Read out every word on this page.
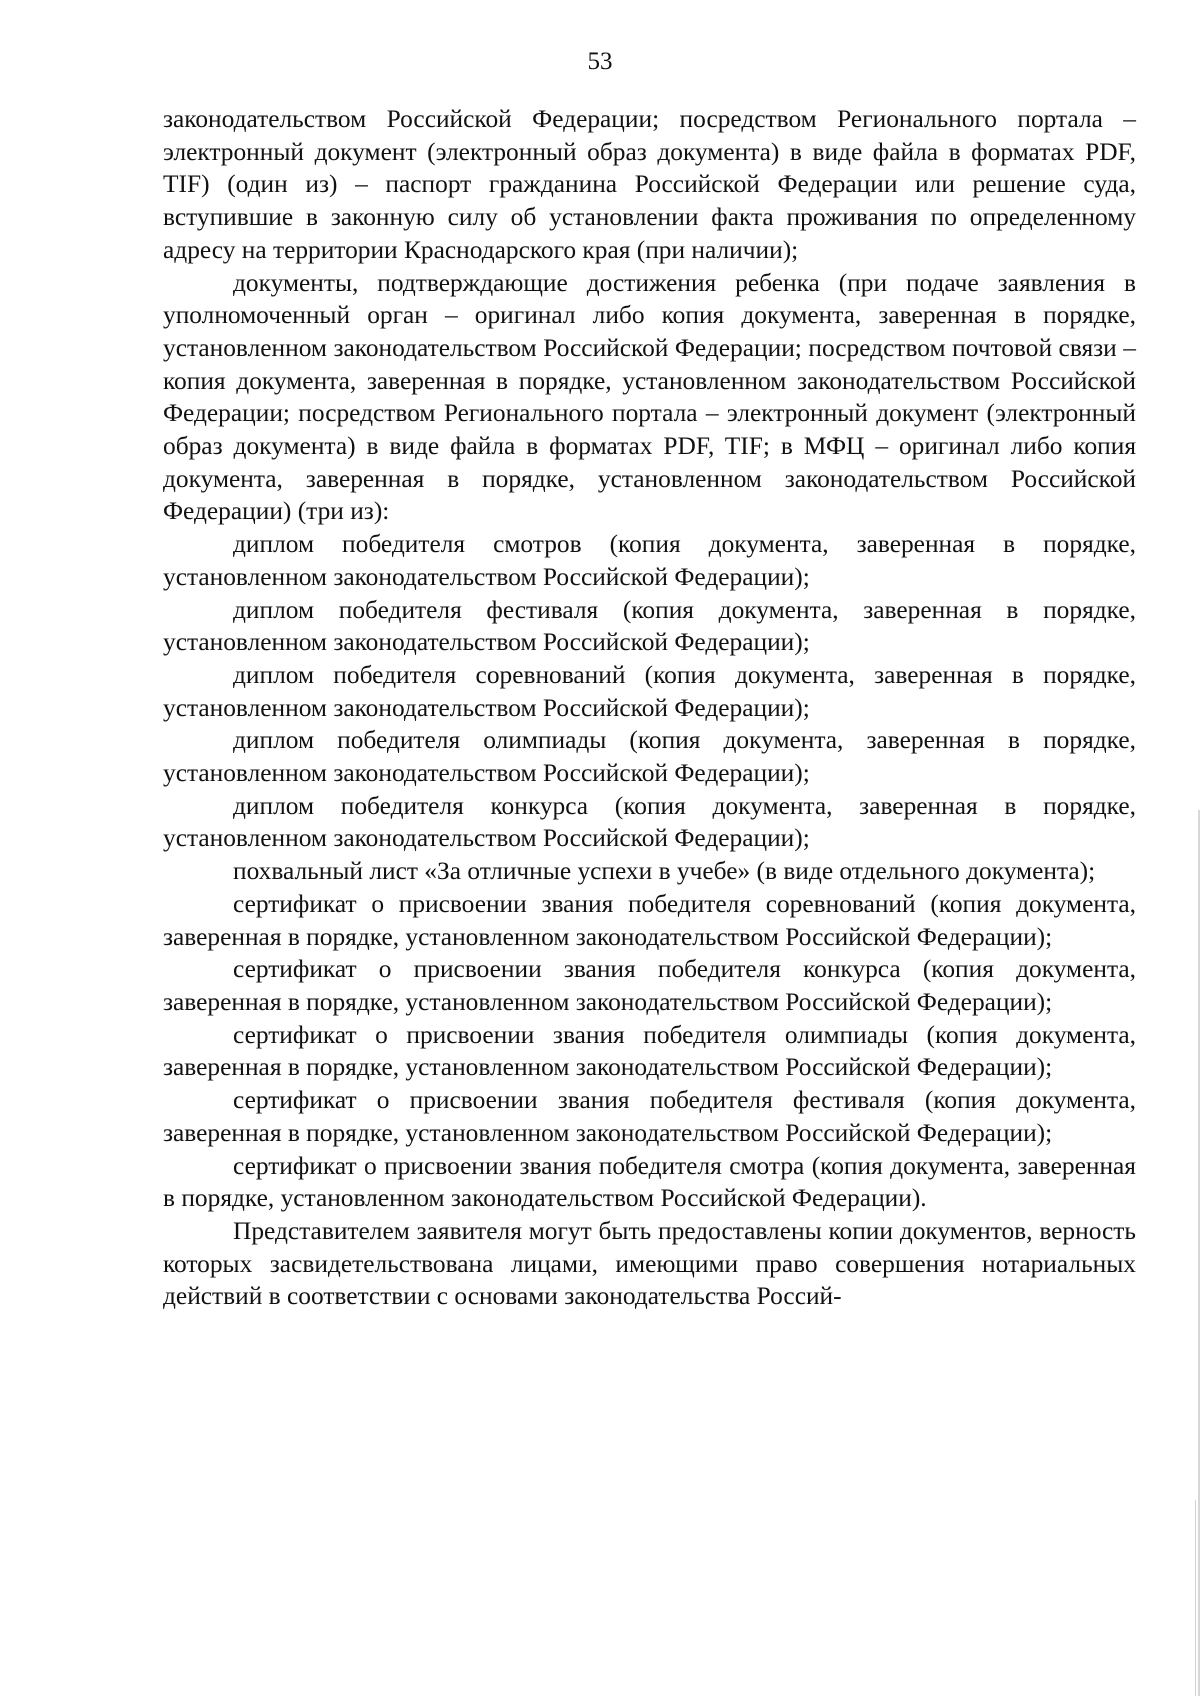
53

законодательством Российской Федерации; посредством Регионального портала – электронный документ (электронный образ документа) в виде файла в форматах PDF, TIF) (один из) – паспорт гражданина Российской Федерации или решение суда, вступившие в законную силу об установлении факта проживания по определенному адресу на территории Краснодарского края (при наличии);

документы, подтверждающие достижения ребенка (при подаче заявления в уполномоченный орган – оригинал либо копия документа, заверенная в порядке, установленном законодательством Российской Федерации; посредством почтовой связи – копия документа, заверенная в порядке, установленном законодательством Российской Федерации; посредством Регионального портала – электронный документ (электронный образ документа) в виде файла в форматах PDF, TIF; в МФЦ – оригинал либо копия документа, заверенная в порядке, установленном законодательством Российской Федерации) (три из):

диплом победителя смотров (копия документа, заверенная в порядке, установленном законодательством Российской Федерации);

диплом победителя фестиваля (копия документа, заверенная в порядке, установленном законодательством Российской Федерации);

диплом победителя соревнований (копия документа, заверенная в порядке, установленном законодательством Российской Федерации);

диплом победителя олимпиады (копия документа, заверенная в порядке, установленном законодательством Российской Федерации);

диплом победителя конкурса (копия документа, заверенная в порядке, установленном законодательством Российской Федерации);

похвальный лист «За отличные успехи в учебе» (в виде отдельного документа);

сертификат о присвоении звания победителя соревнований (копия документа, заверенная в порядке, установленном законодательством Российской Федерации);

сертификат о присвоении звания победителя конкурса (копия документа, заверенная в порядке, установленном законодательством Российской Федерации);

сертификат о присвоении звания победителя олимпиады (копия документа, заверенная в порядке, установленном законодательством Российской Федерации);

сертификат о присвоении звания победителя фестиваля (копия документа, заверенная в порядке, установленном законодательством Российской Федерации);

сертификат о присвоении звания победителя смотра (копия документа, заверенная в порядке, установленном законодательством Российской Федерации).

Представителем заявителя могут быть предоставлены копии документов, верность которых засвидетельствована лицами, имеющими право совершения нотариальных действий в соответствии с основами законодательства Россий-
